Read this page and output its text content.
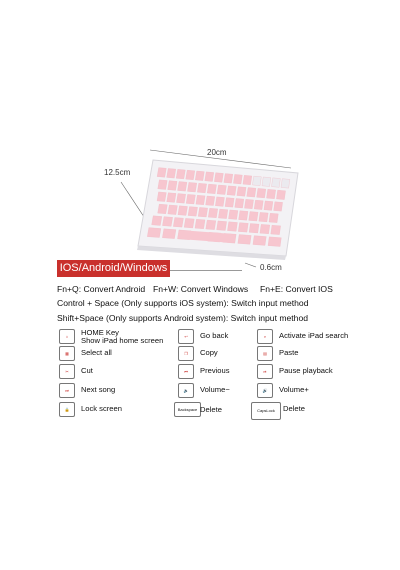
20cm
12.5cm
0.6cm
IOS/Android/Windows
Fn+Q: Convert Android Fn+W: Convert Windows Fn+E: Convert IOS
Control + Space (Only supports iOS system): Switch input method
Shift+Space (Only supports Android system): Switch input method
⌂	HOME Key
Show iPad home screen	↩	Go back	⌕	Activate iPad search
▦	Select all	❐	Copy	▤	Paste
✂	Cut	⏮	Previous	⏯	Pause playback
⏭	Next song	🔉	Volume−	🔊	Volume+
🔒	Lock screen	Backspace Delete	CapsLock	Delete
